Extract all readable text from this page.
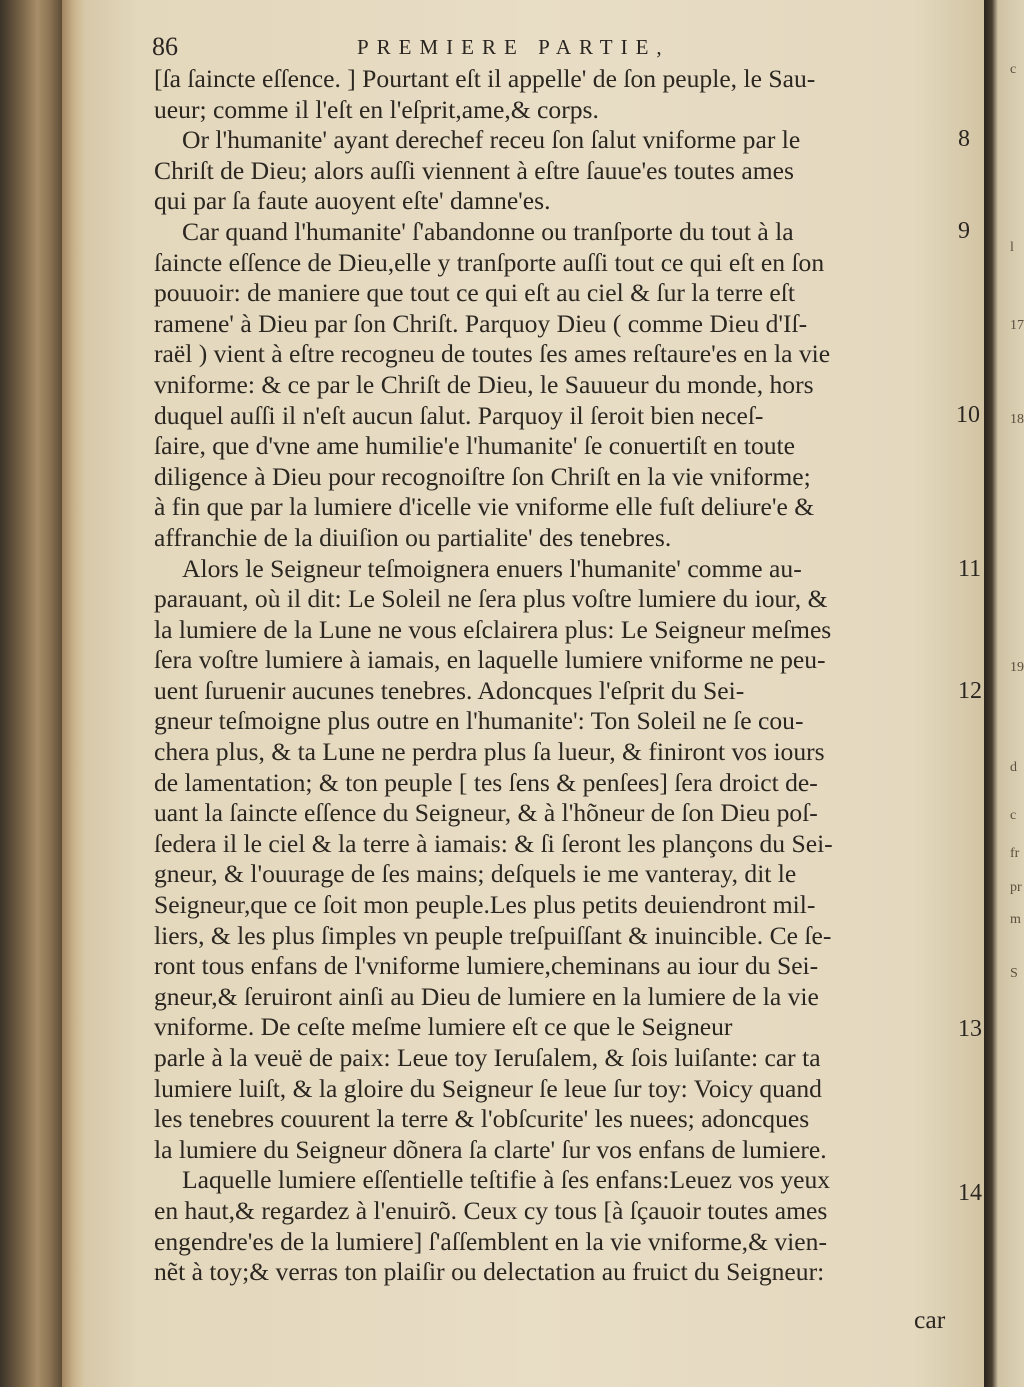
c
l
17
18
19
d
c
fr
pr
m
S
86	PREMIERE PARTIE,
[ſa ſaincte eſſence. ] Pourtant eſt il appelle' de ſon peuple, le Sau-
ueur; comme il l'eſt en l'eſprit,ame,& corps.
Or l'humanite' ayant derechef receu ſon ſalut vniforme par le
Chriſt de Dieu; alors auſſi viennent à eſtre ſauue'es toutes ames
qui par ſa faute auoyent eſte' damne'es.
Car quand l'humanite' ſ'abandonne ou tranſporte du tout à la
ſaincte eſſence de Dieu,elle y tranſporte auſſi tout ce qui eſt en ſon
pouuoir: de maniere que tout ce qui eſt au ciel & ſur la terre eſt
ramene' à Dieu par ſon Chriſt. Parquoy Dieu ( comme Dieu d'Iſ-
raël ) vient à eſtre recogneu de toutes ſes ames reſtaure'es en la vie
vniforme: & ce par le Chriſt de Dieu, le Sauueur du monde, hors
duquel auſſi il n'eſt aucun ſalut. Parquoy il ſeroit bien neceſ-
ſaire, que d'vne ame humilie'e l'humanite' ſe conuertiſt en toute
diligence à Dieu pour recognoiſtre ſon Chriſt en la vie vniforme;
à fin que par la lumiere d'icelle vie vniforme elle fuſt deliure'e &
affranchie de la diuiſion ou partialite' des tenebres.
Alors le Seigneur teſmoignera enuers l'humanite' comme au-
parauant, où il dit: Le Soleil ne ſera plus voſtre lumiere du iour, &
la lumiere de la Lune ne vous eſclairera plus: Le Seigneur meſmes
ſera voſtre lumiere à iamais, en laquelle lumiere vniforme ne peu-
uent ſuruenir aucunes tenebres. Adoncques l'eſprit du Sei-
gneur teſmoigne plus outre en l'humanite': Ton Soleil ne ſe cou-
chera plus, & ta Lune ne perdra plus ſa lueur, & finiront vos iours
de lamentation; & ton peuple [ tes ſens & penſees] ſera droict de-
uant la ſaincte eſſence du Seigneur, & à l'hõneur de ſon Dieu poſ-
ſedera il le ciel & la terre à iamais: & ſi ſeront les plançons du Sei-
gneur, & l'ouurage de ſes mains; deſquels ie me vanteray, dit le
Seigneur,que ce ſoit mon peuple.Les plus petits deuiendront mil-
liers, & les plus ſimples vn peuple treſpuiſſant & inuincible. Ce ſe-
ront tous enfans de l'vniforme lumiere,cheminans au iour du Sei-
gneur,& ſeruiront ainſi au Dieu de lumiere en la lumiere de la vie
vniforme. De ceſte meſme lumiere eſt ce que le Seigneur
parle à la veuë de paix: Leue toy Ieruſalem, & ſois luiſante: car ta
lumiere luiſt, & la gloire du Seigneur ſe leue ſur toy: Voicy quand
les tenebres couurent la terre & l'obſcurite' les nuees; adoncques
la lumiere du Seigneur dõnera ſa clarte' ſur vos enfans de lumiere.
Laquelle lumiere eſſentielle teſtifie à ſes enfans:Leuez vos yeux
en haut,& regardez à l'enuirõ. Ceux cy tous [à ſçauoir toutes ames
engendre'es de la lumiere] ſ'aſſemblent en la vie vniforme,& vien-
nẽt à toy;& verras ton plaiſir ou delectation au fruict du Seigneur:
8
9
10
11
12
13
14
car
